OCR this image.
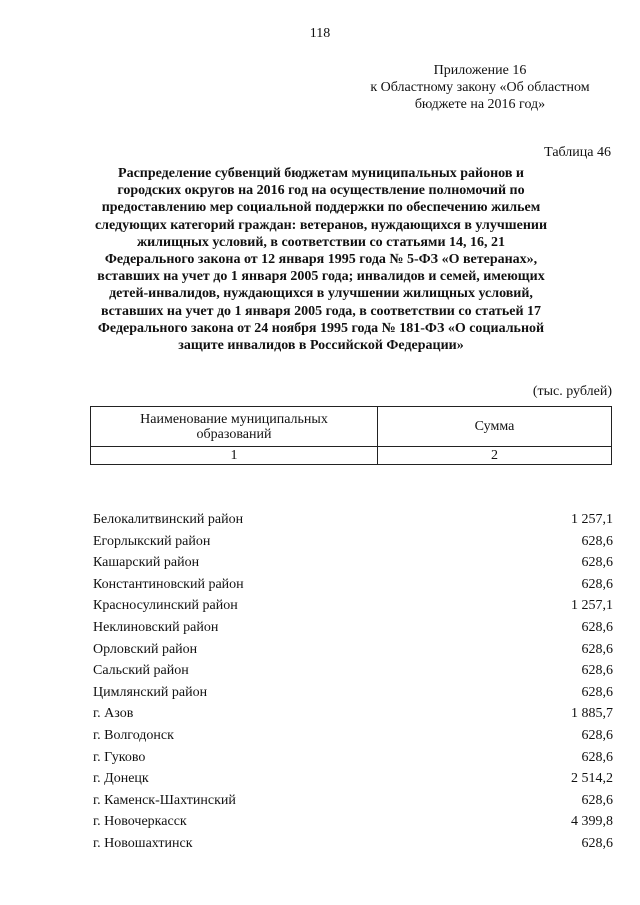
118
Приложение 16
к Областному закону «Об областном
бюджете на 2016 год»
Таблица 46
Распределение субвенций бюджетам муниципальных районов и
городских округов на 2016 год на осуществление полномочий по
предоставлению мер социальной поддержки по обеспечению жильем
следующих категорий граждан: ветеранов, нуждающихся в улучшении
жилищных условий, в соответствии со статьями 14, 16, 21
Федерального закона от 12 января 1995 года № 5-ФЗ «О ветеранах»,
вставших на учет до 1 января 2005 года; инвалидов и семей, имеющих
детей-инвалидов, нуждающихся в улучшении жилищных условий,
вставших на учет до 1 января 2005 года, в соответствии со статьей 17
Федерального закона от 24 ноября 1995 года № 181-ФЗ «О социальной
защите инвалидов в Российской Федерации»
(тыс. рублей)
Наименование муниципальных
образований	Сумма
1	2
Белокалитвинский район	1 257,1
Егорлыкский район	628,6
Кашарский район	628,6
Константиновский район	628,6
Красносулинский район	1 257,1
Неклиновский район	628,6
Орловский район	628,6
Сальский район	628,6
Цимлянский район	628,6
г. Азов	1 885,7
г. Волгодонск	628,6
г. Гуково	628,6
г. Донецк	2 514,2
г. Каменск-Шахтинский	628,6
г. Новочеркасск	4 399,8
г. Новошахтинск	628,6
